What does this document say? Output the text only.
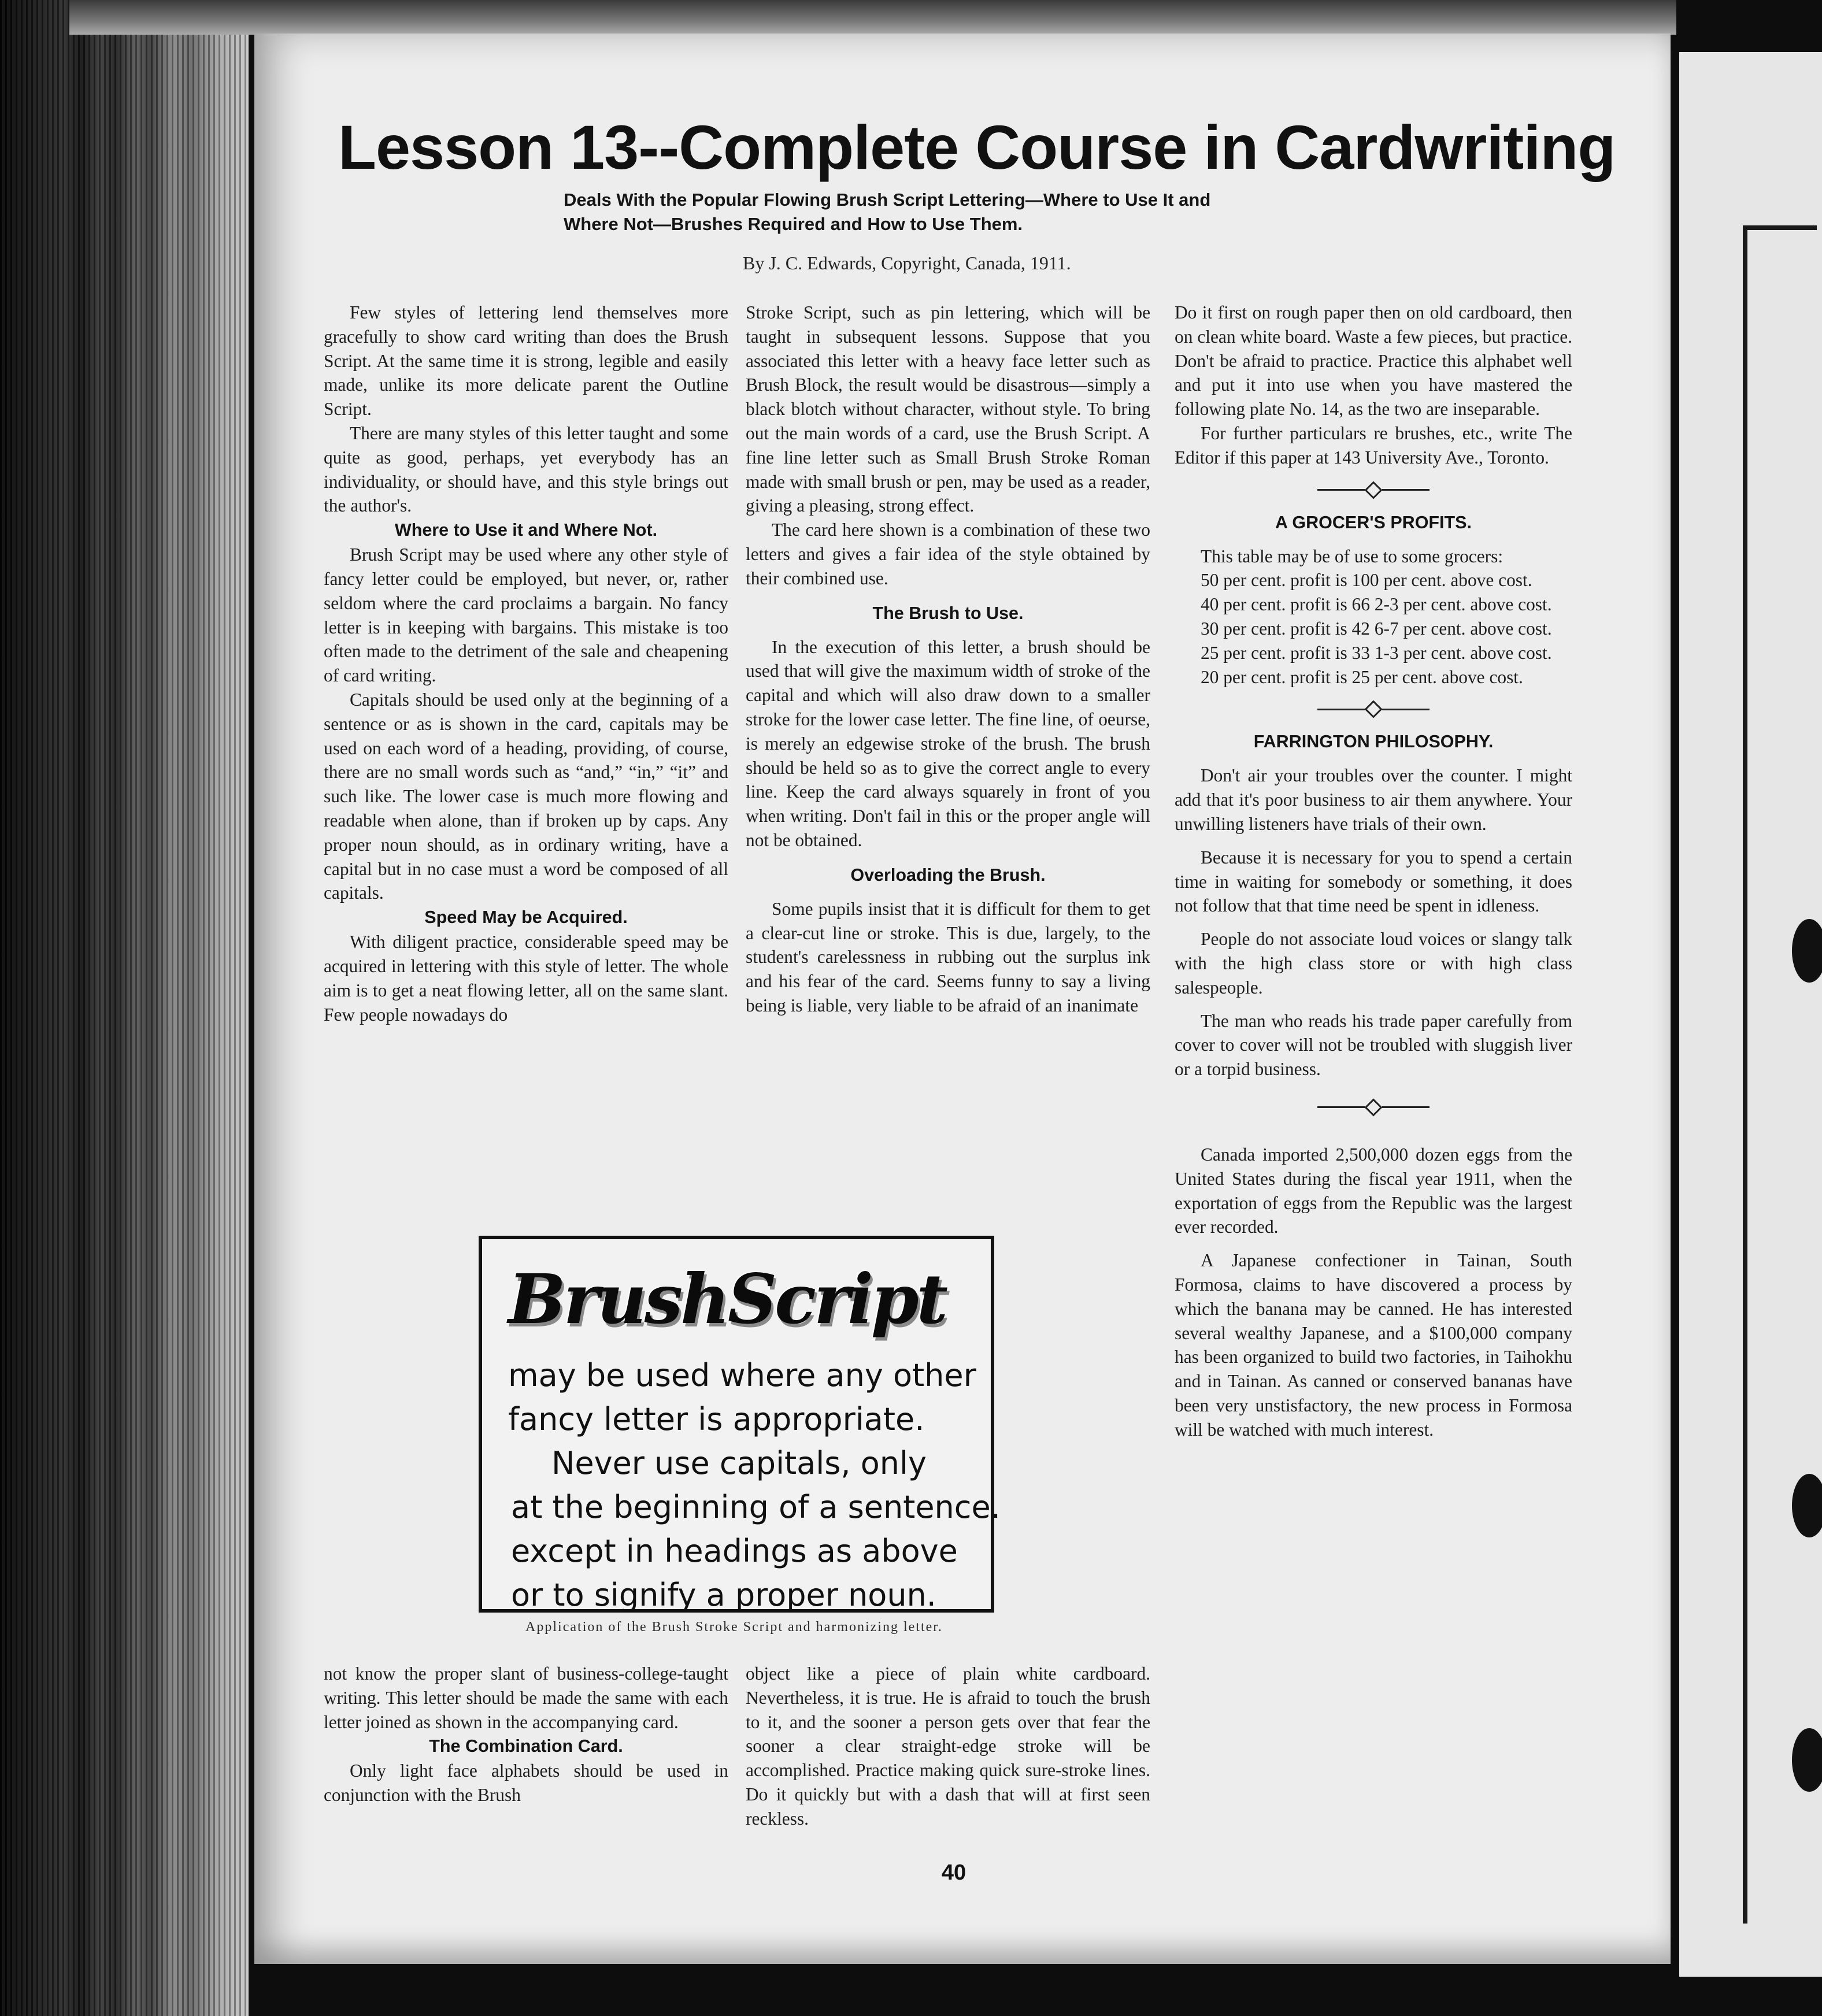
Lesson 13--Complete Course in Cardwriting
Deals With the Popular Flowing Brush Script Lettering—Where to Use It and
Where Not—Brushes Required and How to Use Them.
By J. C. Edwards, Copyright, Canada, 1911.

Few styles of lettering lend themselves more gracefully to show card writing than does the Brush Script. At the same time it is strong, legible and easily made, unlike its more delicate parent the Outline Script.

There are many styles of this letter taught and some quite as good, perhaps, yet everybody has an individuality, or should have, and this style brings out the author's.

Where to Use it and Where Not.

Brush Script may be used where any other style of fancy letter could be employed, but never, or, rather seldom where the card proclaims a bargain. No fancy letter is in keeping with bargains. This mistake is too often made to the detriment of the sale and cheapening of card writing.

Capitals should be used only at the beginning of a sentence or as is shown in the card, capitals may be used on each word of a heading, providing, of course, there are no small words such as “and,” “in,” “it” and such like. The lower case is much more flowing and readable when alone, than if broken up by caps. Any proper noun should, as in ordinary writing, have a capital but in no case must a word be composed of all capitals.

Speed May be Acquired.

With diligent practice, considerable speed may be acquired in lettering with this style of letter. The whole aim is to get a neat flowing letter, all on the same slant. Few people nowadays do

Stroke Script, such as pin lettering, which will be taught in subsequent lessons. Suppose that you associated this letter with a heavy face letter such as Brush Block, the result would be disastrous—simply a black blotch without character, without style. To bring out the main words of a card, use the Brush Script. A fine line letter such as Small Brush Stroke Roman made with small brush or pen, may be used as a reader, giving a pleasing, strong effect.

The card here shown is a combination of these two letters and gives a fair idea of the style obtained by their combined use.

The Brush to Use.

In the execution of this letter, a brush should be used that will give the maximum width of stroke of the capital and which will also draw down to a smaller stroke for the lower case letter. The fine line, of oeurse, is merely an edgewise stroke of the brush. The brush should be held so as to give the correct angle to every line. Keep the card always squarely in front of you when writing. Don't fail in this or the proper angle will not be obtained.

Overloading the Brush.

Some pupils insist that it is difficult for them to get a clear-cut line or stroke. This is due, largely, to the student's carelessness in rubbing out the surplus ink and his fear of the card. Seems funny to say a living being is liable, very liable to be afraid of an inanimate

Do it first on rough paper then on old cardboard, then on clean white board. Waste a few pieces, but practice. Don't be afraid to practice. Practice this alphabet well and put it into use when you have mastered the following plate No. 14, as the two are inseparable.

For further particulars re brushes, etc., write The Editor if this paper at 143 University Ave., Toronto.

A GROCER'S PROFITS.

This table may be of use to some grocers:

50 per cent. profit is 100 per cent. above cost.

40 per cent. profit is 66 2-3 per cent. above cost.

30 per cent. profit is 42 6-7 per cent. above cost.

25 per cent. profit is 33 1-3 per cent. above cost.

20 per cent. profit is 25 per cent. above cost.

FARRINGTON PHILOSOPHY.

Don't air your troubles over the counter. I might add that it's poor business to air them anywhere. Your unwilling listeners have trials of their own.

Because it is necessary for you to spend a certain time in waiting for somebody or something, it does not follow that that time need be spent in idleness.

People do not associate loud voices or slangy talk with the high class store or with high class salespeople.

The man who reads his trade paper carefully from cover to cover will not be troubled with sluggish liver or a torpid business.

Canada imported 2,500,000 dozen eggs from the United States during the fiscal year 1911, when the exportation of eggs from the Republic was the largest ever recorded.

A Japanese confectioner in Tainan, South Formosa, claims to have discovered a process by which the banana may be canned. He has interested several wealthy Japanese, and a $100,000 company has been organized to build two factories, in Taihokhu and in Tainan. As canned or conserved bananas have been very unstisfactory, the new process in Formosa will be watched with much interest.

BrushScript
may be used where any other
fancy letter is appropriate.
Never use capitals, only
at the beginning of a sentence.
except in headings as above
or to signify a proper noun.
Application of the Brush Stroke Script and harmonizing letter.

not know the proper slant of business-college-taught writing. This letter should be made the same with each letter joined as shown in the accompanying card.

The Combination Card.

Only light face alphabets should be used in conjunction with the Brush

object like a piece of plain white cardboard. Nevertheless, it is true. He is afraid to touch the brush to it, and the sooner a person gets over that fear the sooner a clear straight-edge stroke will be accomplished. Practice making quick sure-stroke lines. Do it quickly but with a dash that will at first seen reckless.

40
